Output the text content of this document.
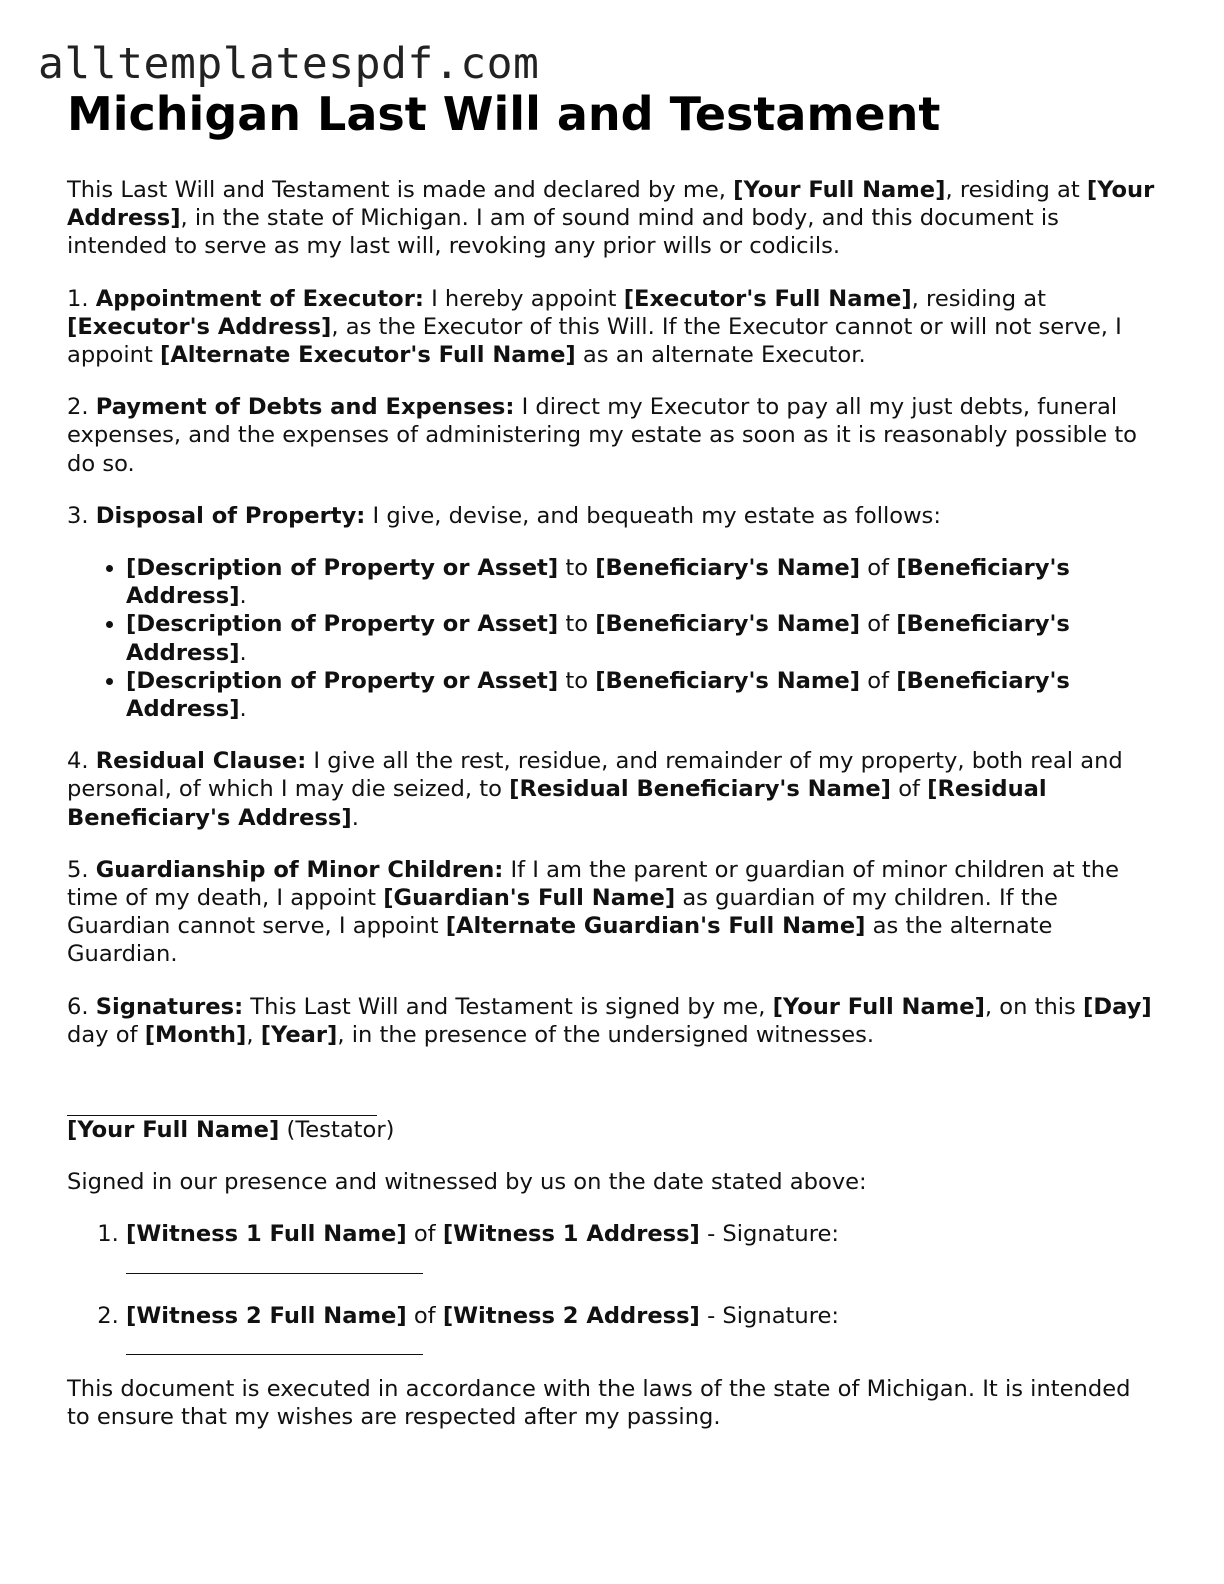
alltemplatespdf.com
Michigan Last Will and Testament

This Last Will and Testament is made and declared by me, [Your Full Name], residing at [Your Address], in the state of Michigan. I am of sound mind and body, and this document is intended to serve as my last will, revoking any prior wills or codicils.

1. Appointment of Executor: I hereby appoint [Executor's Full Name], residing at [Executor's Address], as the Executor of this Will. If the Executor cannot or will not serve, I appoint [Alternate Executor's Full Name] as an alternate Executor.

2. Payment of Debts and Expenses: I direct my Executor to pay all my just debts, funeral expenses, and the expenses of administering my estate as soon as it is reasonably possible to do so.

3. Disposal of Property: I give, devise, and bequeath my estate as follows:

• [Description of Property or Asset] to [Beneficiary's Name] of [Beneficiary's Address].
• [Description of Property or Asset] to [Beneficiary's Name] of [Beneficiary's Address].
• [Description of Property or Asset] to [Beneficiary's Name] of [Beneficiary's Address].

4. Residual Clause: I give all the rest, residue, and remainder of my property, both real and personal, of which I may die seized, to [Residual Beneficiary's Name] of [Residual Beneficiary's Address].

5. Guardianship of Minor Children: If I am the parent or guardian of minor children at the time of my death, I appoint [Guardian's Full Name] as guardian of my children. If the Guardian cannot serve, I appoint [Alternate Guardian's Full Name] as the alternate Guardian.

6. Signatures: This Last Will and Testament is signed by me, [Your Full Name], on this [Day] day of [Month], [Year], in the presence of the undersigned witnesses.

[Your Full Name] (Testator)

Signed in our presence and witnessed by us on the date stated above:

1. [Witness 1 Full Name] of [Witness 1 Address] - Signature:
2. [Witness 2 Full Name] of [Witness 2 Address] - Signature:

This document is executed in accordance with the laws of the state of Michigan. It is intended to ensure that my wishes are respected after my passing.
